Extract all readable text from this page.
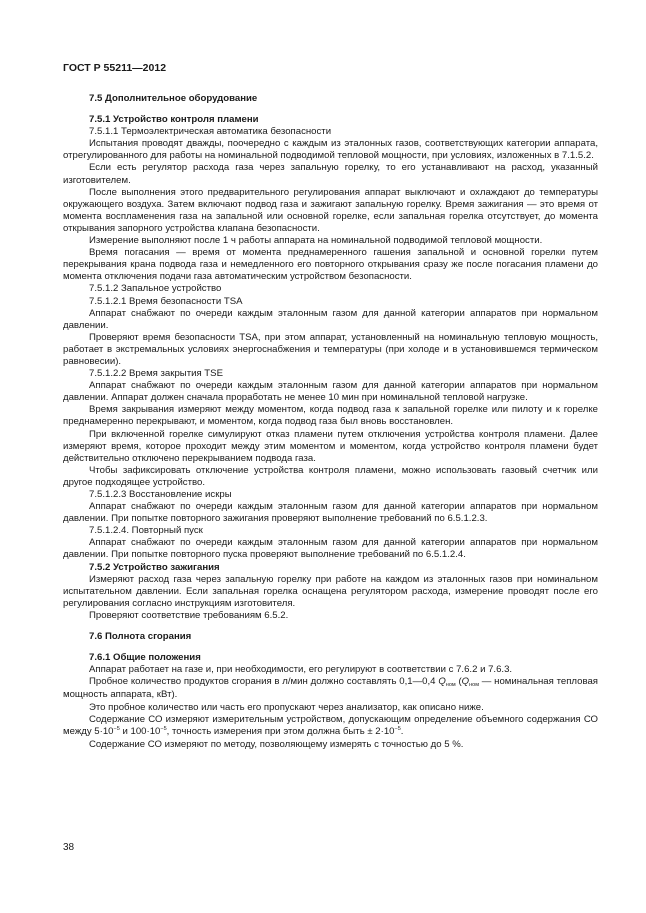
ГОСТ Р 55211—2012

7.5 Дополнительное оборудование

7.5.1 Устройство контроля пламени

7.5.1.1 Термоэлектрическая автоматика безопасности

Испытания проводят дважды, поочередно с каждым из эталонных газов, соответствующих категории аппарата, отрегулированного для работы на номинальной подводимой тепловой мощности, при условиях, изложенных в 7.1.5.2.

Если есть регулятор расхода газа через запальную горелку, то его устанавливают на расход, указанный изготовителем.

После выполнения этого предварительного регулирования аппарат выключают и охлаждают до температуры окружающего воздуха. Затем включают подвод газа и зажигают запальную горелку. Время зажигания — это время от момента воспламенения газа на запальной или основной горелке, если запальная горелка отсутствует, до момента открывания запорного устройства клапана безопасности.

Измерение выполняют после 1 ч работы аппарата на номинальной подводимой тепловой мощности.

Время погасания — время от момента преднамеренного гашения запальной и основной горелки путем перекрывания крана подвода газа и немедленного его повторного открывания сразу же после погасания пламени до момента отключения подачи газа автоматическим устройством безопасности.

7.5.1.2 Запальное устройство

7.5.1.2.1 Время безопасности TSA

Аппарат снабжают по очереди каждым эталонным газом для данной категории аппаратов при нормальном давлении.

Проверяют время безопасности TSA, при этом аппарат, установленный на номинальную тепловую мощность, работает в экстремальных условиях энергоснабжения и температуры (при холоде и в установившемся термическом равновесии).

7.5.1.2.2 Время закрытия TSE

Аппарат снабжают по очереди каждым эталонным газом для данной категории аппаратов при нормальном давлении. Аппарат должен сначала проработать не менее 10 мин при номинальной тепловой нагрузке.

Время закрывания измеряют между моментом, когда подвод газа к запальной горелке или пилоту и к горелке преднамеренно перекрывают, и моментом, когда подвод газа был вновь восстановлен.

При включенной горелке симулируют отказ пламени путем отключения устройства контроля пламени. Далее измеряют время, которое проходит между этим моментом и моментом, когда устройство контроля пламени будет действительно отключено перекрыванием подвода газа.

Чтобы зафиксировать отключение устройства контроля пламени, можно использовать газовый счетчик или другое подходящее устройство.

7.5.1.2.3 Восстановление искры

Аппарат снабжают по очереди каждым эталонным газом для данной категории аппаратов при нормальном давлении. При попытке повторного зажигания проверяют выполнение требований по 6.5.1.2.3.

7.5.1.2.4. Повторный пуск

Аппарат снабжают по очереди каждым эталонным газом для данной категории аппаратов при нормальном давлении. При попытке повторного пуска проверяют выполнение требований по 6.5.1.2.4.

7.5.2 Устройство зажигания

Измеряют расход газа через запальную горелку при работе на каждом из эталонных газов при номинальном испытательном давлении. Если запальная горелка оснащена регулятором расхода, измерение проводят после его регулирования согласно инструкциям изготовителя.

Проверяют соответствие требованиям 6.5.2.

7.6 Полнота сгорания

7.6.1 Общие положения

Аппарат работает на газе и, при необходимости, его регулируют в соответствии с 7.6.2 и 7.6.3.

Пробное количество продуктов сгорания в л/мин должно составлять 0,1—0,4 $Q_{ном}$ ($Q_{ном}$ — номинальная тепловая мощность аппарата, кВт).

Это пробное количество или часть его пропускают через анализатор, как описано ниже.

Содержание СО измеряют измерительным устройством, допускающим определение объемного содержания СО между $5\cdot 10^{-5}$ и $100\cdot 10^{-5}$, точность измерения при этом должна быть ± $2\cdot 10^{-5}$.

Содержание СО измеряют по методу, позволяющему измерять с точностью до 5 %.

38
